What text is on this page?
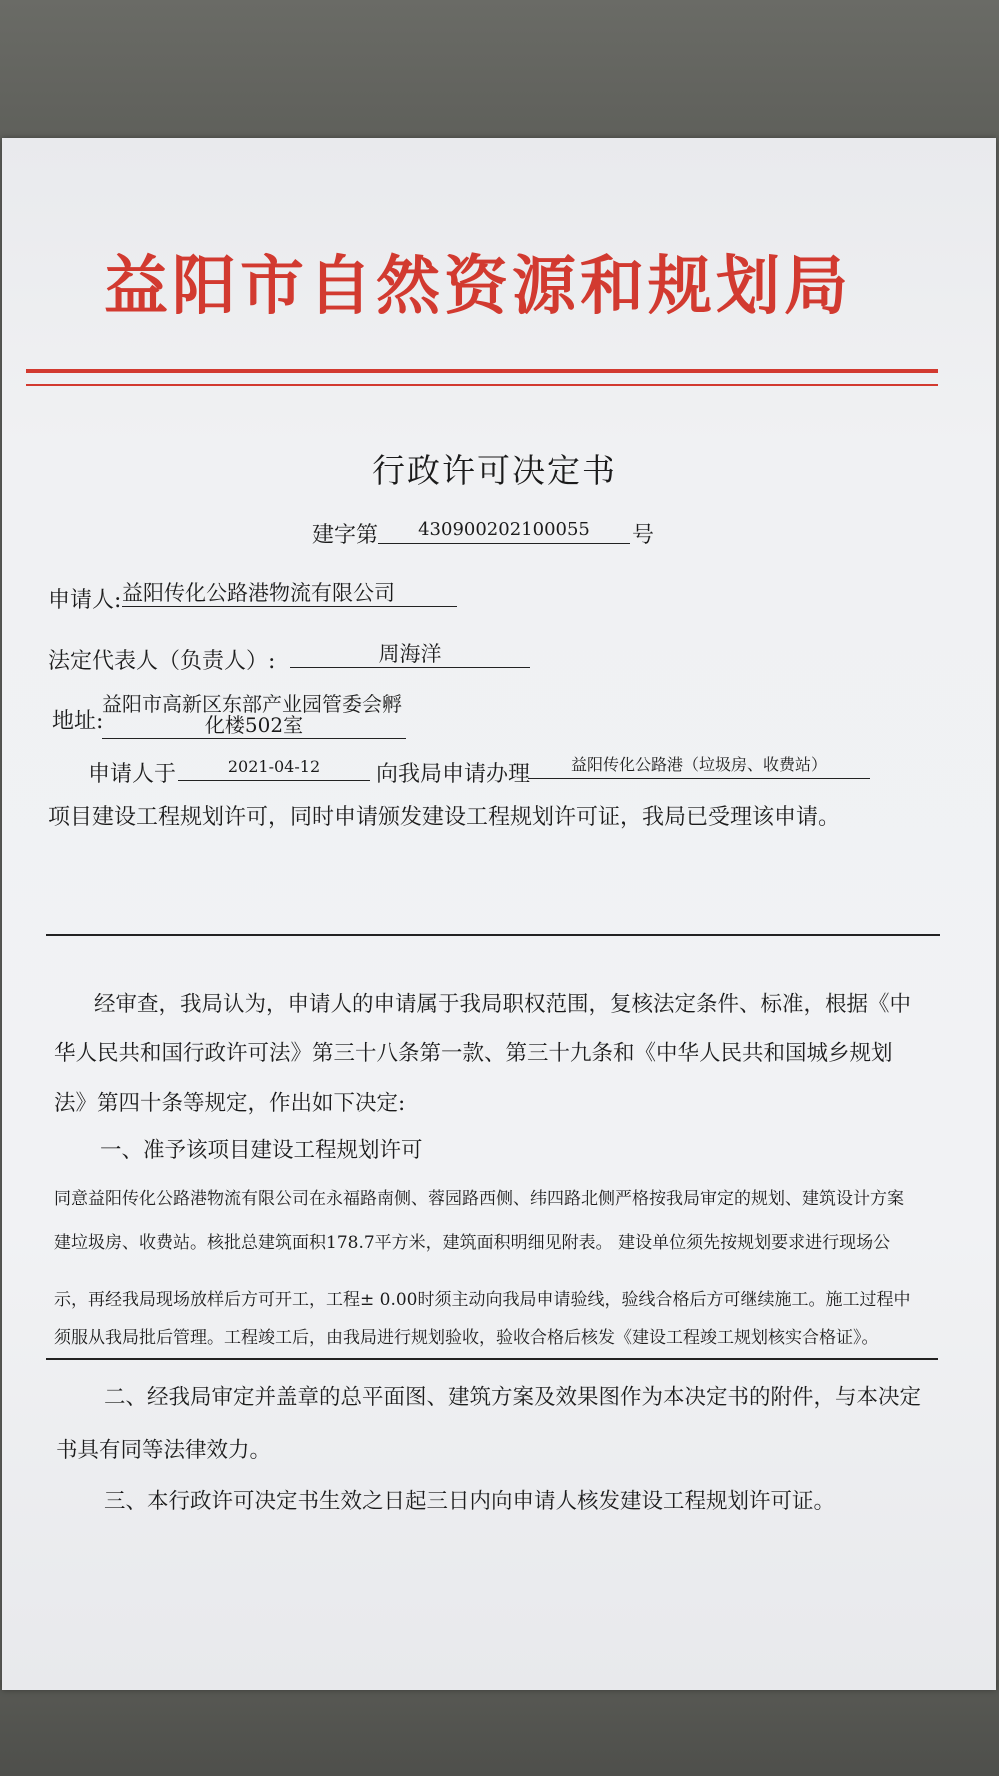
益阳市自然资源和规划局
行政许可决定书
建字第	430900202100055	号
申请人: 益阳传化公路港物流有限公司
法定代表人（负责人）:	周海洋
地址:
益阳市高新区东部产业园管委会孵
化楼502室
申请人于	2021-04-12	向我局申请办理	益阳传化公路港（垃圾房、收费站）
项目建设工程规划许可，同时申请颁发建设工程规划许可证，我局已受理该申请。
经审查，我局认为，申请人的申请属于我局职权范围，复核法定条件、标准，根据《中
华人民共和国行政许可法》第三十八条第一款、第三十九条和《中华人民共和国城乡规划
法》第四十条等规定，作出如下决定:
一、准予该项目建设工程规划许可
同意益阳传化公路港物流有限公司在永福路南侧、蓉园路西侧、纬四路北侧严格按我局审定的规划、建筑设计方案
建垃圾房、收费站。核批总建筑面积178.7平方米，建筑面积明细见附表。 建设单位须先按规划要求进行现场公
示，再经我局现场放样后方可开工，工程± 0.00时须主动向我局申请验线，验线合格后方可继续施工。施工过程中
须服从我局批后管理。工程竣工后，由我局进行规划验收，验收合格后核发《建设工程竣工规划核实合格证》。
二、经我局审定并盖章的总平面图、建筑方案及效果图作为本决定书的附件，与本决定
书具有同等法律效力。
三、本行政许可决定书生效之日起三日内向申请人核发建设工程规划许可证。
